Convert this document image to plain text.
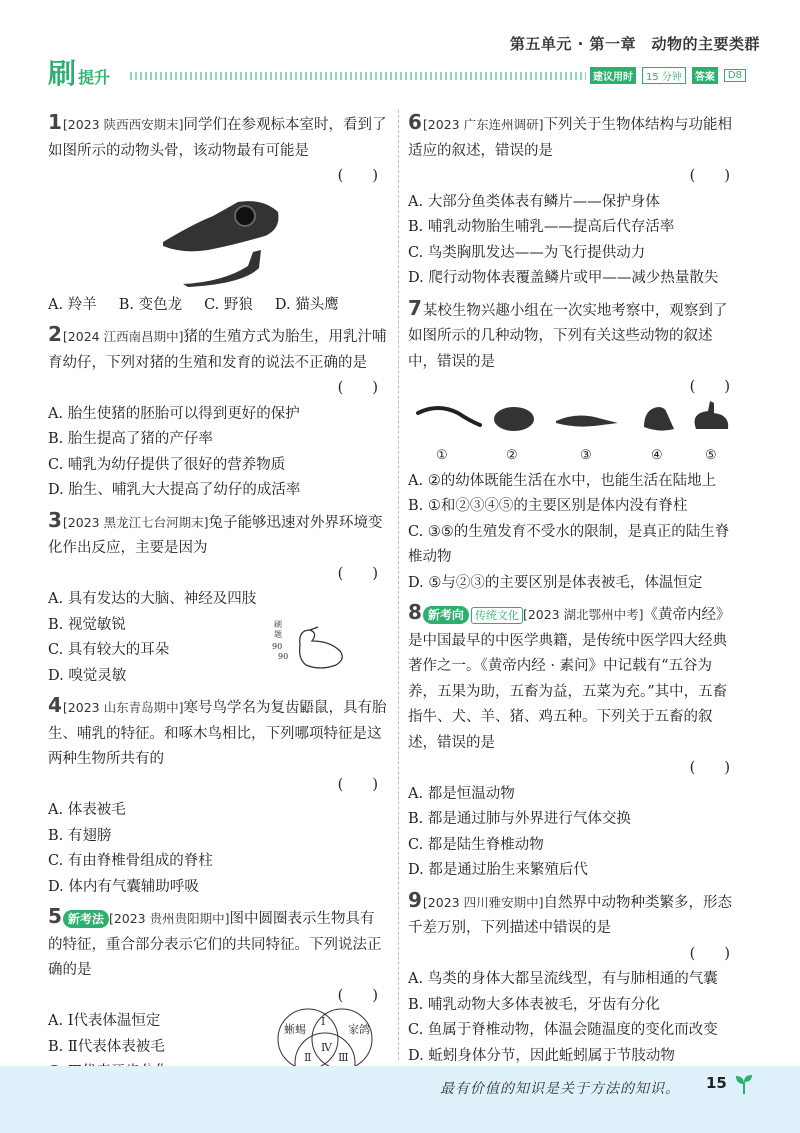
第五单元 · 第一章　动物的主要类群
刷 提升	建议用时	15 分钟	答案	D8
1[2023 陕西西安期末]同学们在参观标本室时，看到了如图所示的动物头骨，该动物最有可能是
(　　)
A. 羚羊 B. 变色龙 C. 野狼 D. 猫头鹰
2[2024 江西南昌期中]猪的生殖方式为胎生，用乳汁哺育幼仔，下列对猪的生殖和发育的说法不正确的是
(　　)
A. 胎生使猪的胚胎可以得到更好的保护
B. 胎生提高了猪的产仔率
C. 哺乳为幼仔提供了很好的营养物质
D. 胎生、哺乳大大提高了幼仔的成活率
3[2023 黑龙江七台河期末]兔子能够迅速对外界环境变化作出反应，主要是因为
(　　)
A. 具有发达的大脑、神经及四肢
B. 视觉敏锐
C. 具有较大的耳朵
D. 嗅觉灵敏
刷
题
90
90
4[2023 山东青岛期中]寒号鸟学名为复齿鼯鼠，具有胎生、哺乳的特征。和啄木鸟相比，下列哪项特征是这两种生物所共有的
(　　)
A. 体表被毛
B. 有翅膀
C. 有由脊椎骨组成的脊柱
D. 体内有气囊辅助呼吸
5 新考法 [2023 贵州贵阳期中]图中圆圈表示生物具有的特征，重合部分表示它们的共同特征。下列说法正确的是
(　　)
A. Ⅰ代表体温恒定
B. Ⅱ代表体表被毛
蜥蜴	家鸽
Ⅰ
Ⅱ Ⅲ
Ⅳ
6[2023 广东连州调研]下列关于生物体结构与功能相适应的叙述，错误的是
(　　)
A. 大部分鱼类体表有鳞片——保护身体
B. 哺乳动物胎生哺乳——提高后代存活率
C. 鸟类胸肌发达——为飞行提供动力
D. 爬行动物体表覆盖鳞片或甲——减少热量散失
7某校生物兴趣小组在一次实地考察中，观察到了如图所示的几种动物，下列有关这些动物的叙述中，错误的是
(　　)
①	②	③	④	⑤
A. ②的幼体既能生活在水中，也能生活在陆地上
B. ①和②③④⑤的主要区别是体内没有脊柱
C. ③⑤的生殖发育不受水的限制，是真正的陆生脊椎动物
D. ⑤与②③的主要区别是体表被毛，体温恒定
8 新考向 传统文化 [2023 湖北鄂州中考]《黄帝内经》是中国最早的中医学典籍，是传统中医学四大经典著作之一。《黄帝内经 · 素问》中记载有“五谷为养，五果为助，五畜为益，五菜为充。”其中，五畜指牛、犬、羊、猪、鸡五种。下列关于五畜的叙述，错误的是
(　　)
A. 都是恒温动物
B. 都是通过肺与外界进行气体交换
C. 都是陆生脊椎动物
D. 都是通过胎生来繁殖后代
9[2023 四川雅安期中]自然界中动物种类繁多，形态千差万别，下列描述中错误的是
(　　)
A. 鸟类的身体大都呈流线型，有与肺相通的气囊
B. 哺乳动物大多体表被毛，牙齿有分化
C. 鱼属于脊椎动物，体温会随温度的变化而改变
D. 蚯蚓身体分节，因此蚯蚓属于节肢动物
最有价值的知识是关于方法的知识。 15
